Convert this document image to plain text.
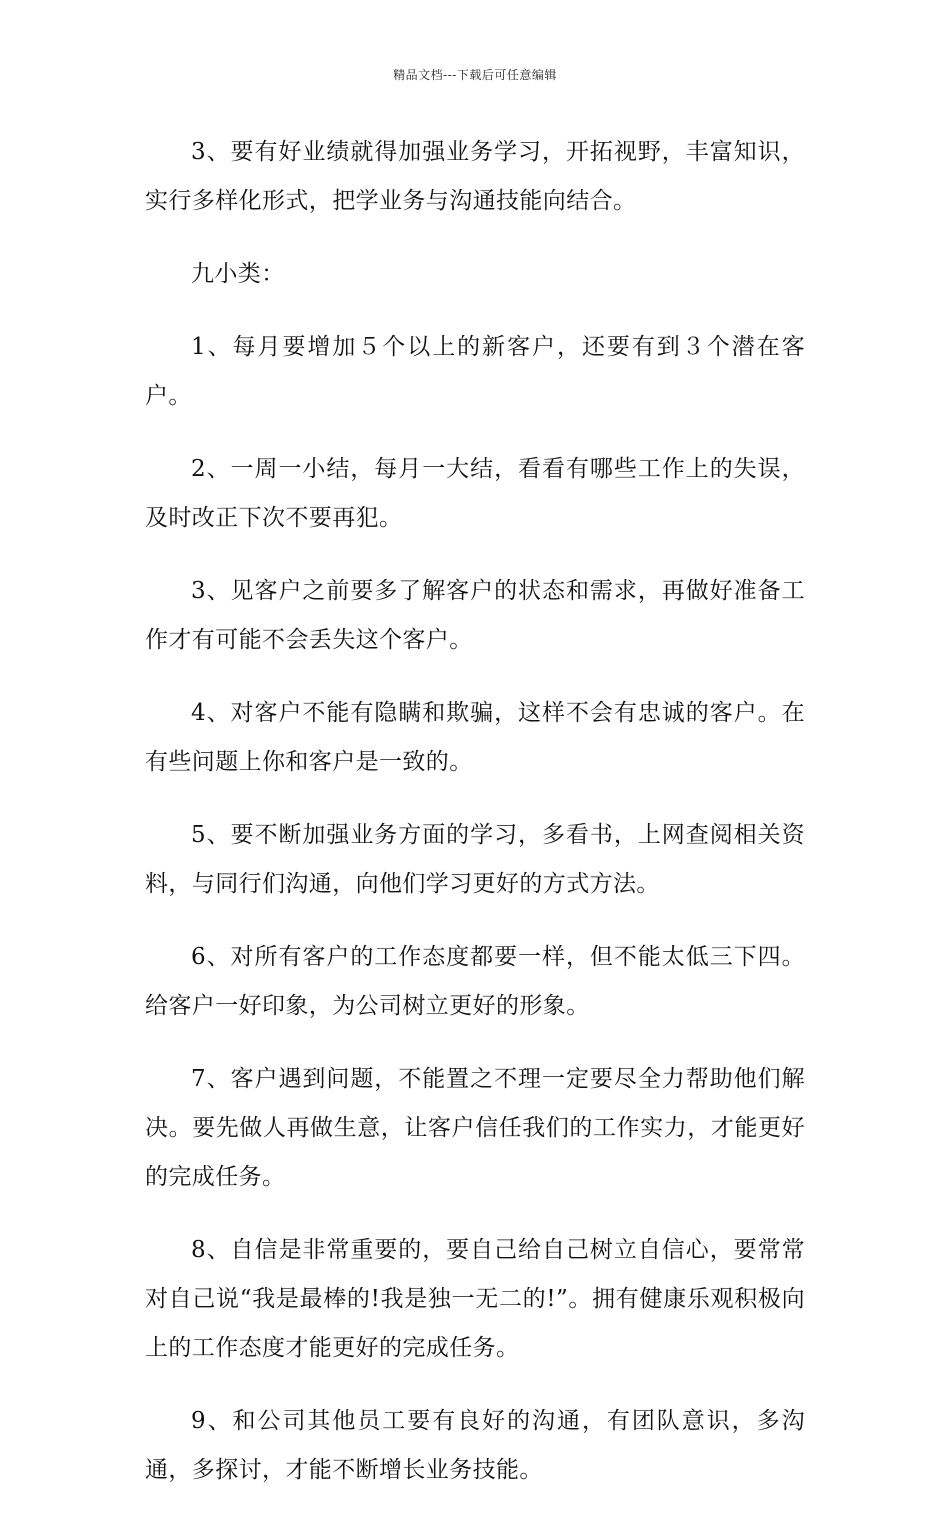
精品文档---下载后可任意编辑

3、要有好业绩就得加强业务学习，开拓视野，丰富知识，实行多样化形式，把学业务与沟通技能向结合。

九小类：

1、每月要增加５个以上的新客户，还要有到３个潜在客户。

2、一周一小结，每月一大结，看看有哪些工作上的失误，及时改正下次不要再犯。

3、见客户之前要多了解客户的状态和需求，再做好准备工作才有可能不会丢失这个客户。

4、对客户不能有隐瞒和欺骗，这样不会有忠诚的客户。在有些问题上你和客户是一致的。

5、要不断加强业务方面的学习，多看书，上网查阅相关资料，与同行们沟通，向他们学习更好的方式方法。

6、对所有客户的工作态度都要一样，但不能太低三下四。给客户一好印象，为公司树立更好的形象。

7、客户遇到问题，不能置之不理一定要尽全力帮助他们解决。要先做人再做生意，让客户信任我们的工作实力，才能更好的完成任务。

8、自信是非常重要的，要自己给自己树立自信心，要常常对自己说“我是最棒的!我是独一无二的!”。拥有健康乐观积极向上的工作态度才能更好的完成任务。

9、和公司其他员工要有良好的沟通，有团队意识，多沟通，多探讨，才能不断增长业务技能。
